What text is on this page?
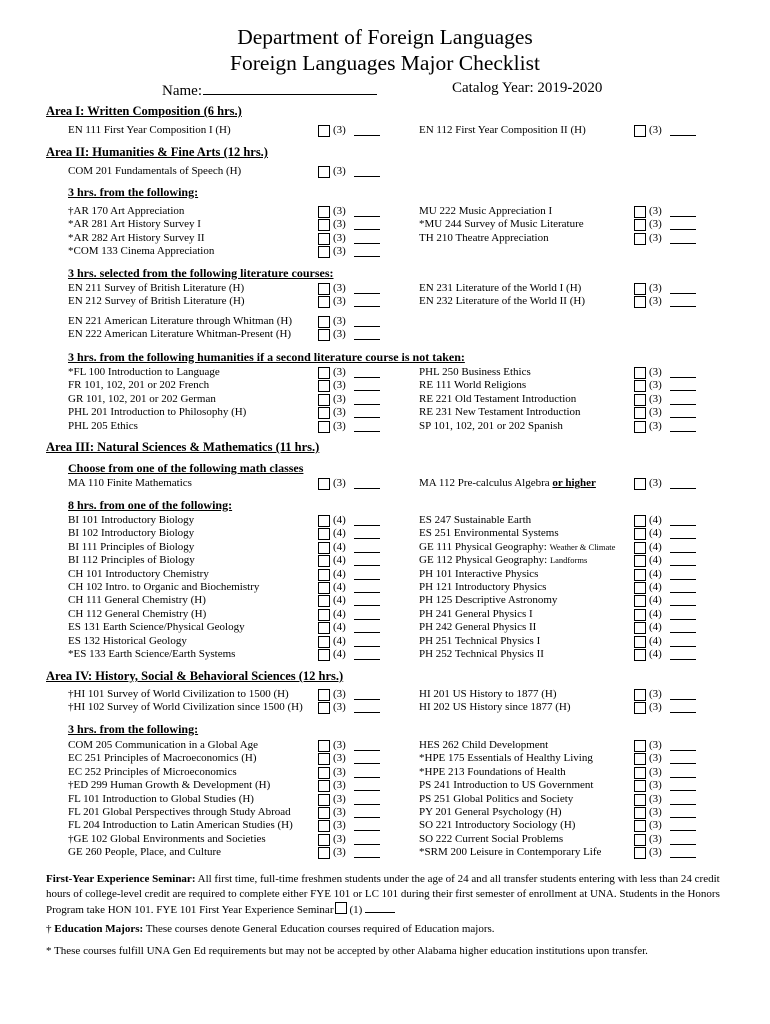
Department of Foreign Languages
Foreign Languages Major Checklist
Name:	Catalog Year: 2019-2020
Area I: Written Composition (6 hrs.)
EN 111 First Year Composition I (H)	(3)	EN 112 First Year Composition II (H)	(3)
Area II: Humanities & Fine Arts (12 hrs.)
COM 201 Fundamentals of Speech (H)	(3)
3 hrs. from the following:
†AR 170 Art Appreciation	(3)
*AR 281 Art History Survey I	(3)
*AR 282 Art History Survey II	(3)
*COM 133 Cinema Appreciation	(3)
MU 222 Music Appreciation I	(3)
*MU 244 Survey of Music Literature	(3)
TH 210 Theatre Appreciation	(3)
3 hrs. selected from the following literature courses:
EN 211 Survey of British Literature (H)	(3)
EN 212 Survey of British Literature (H)	(3)
EN 231 Literature of the World I (H)	(3)
EN 232 Literature of the World II (H)	(3)
EN 221 American Literature through Whitman (H)	(3)
EN 222 American Literature Whitman-Present (H)	(3)
3 hrs. from the following humanities if a second literature course is not taken:
*FL 100 Introduction to Language	(3)
FR 101, 102, 201 or 202 French	(3)
GR 101, 102, 201 or 202 German	(3)
PHL 201 Introduction to Philosophy (H)	(3)
PHL 205 Ethics	(3)
PHL 250 Business Ethics	(3)
RE 111 World Religions	(3)
RE 221 Old Testament Introduction	(3)
RE 231 New Testament Introduction	(3)
SP 101, 102, 201 or 202 Spanish	(3)
Area III: Natural Sciences & Mathematics (11 hrs.)
Choose from one of the following math classes
MA 110 Finite Mathematics	(3)	MA 112 Pre-calculus Algebra or higher	(3)
8 hrs. from one of the following:
BI 101 Introductory Biology	(4)
BI 102 Introductory Biology	(4)
BI 111 Principles of Biology	(4)
BI 112 Principles of Biology	(4)
CH 101 Introductory Chemistry	(4)
CH 102 Intro. to Organic and Biochemistry	(4)
CH 111 General Chemistry (H)	(4)
CH 112 General Chemistry (H)	(4)
ES 131 Earth Science/Physical Geology	(4)
ES 132 Historical Geology	(4)
*ES 133 Earth Science/Earth Systems	(4)
ES 247 Sustainable Earth	(4)
ES 251 Environmental Systems	(4)
GE 111 Physical Geography: Weather & Climate	(4)
GE 112 Physical Geography: Landforms	(4)
PH 101 Interactive Physics	(4)
PH 121 Introductory Physics	(4)
PH 125 Descriptive Astronomy	(4)
PH 241 General Physics I	(4)
PH 242 General Physics II	(4)
PH 251 Technical Physics I	(4)
PH 252 Technical Physics II	(4)
Area IV: History, Social & Behavioral Sciences (12 hrs.)
†HI 101 Survey of World Civilization to 1500 (H)	(3)
†HI 102 Survey of World Civilization since 1500 (H)	(3)
HI 201 US History to 1877 (H)	(3)
HI 202 US History since 1877 (H)	(3)
3 hrs. from the following:
COM 205 Communication in a Global Age	(3)
EC 251 Principles of Macroeconomics (H)	(3)
EC 252 Principles of Microeconomics	(3)
†ED 299 Human Growth & Development (H)	(3)
FL 101 Introduction to Global Studies (H)	(3)
FL 201 Global Perspectives through Study Abroad	(3)
FL 204 Introduction to Latin American Studies (H)	(3)
†GE 102 Global Environments and Societies	(3)
GE 260 People, Place, and Culture	(3)
HES 262 Child Development	(3)
*HPE 175 Essentials of Healthy Living	(3)
*HPE 213 Foundations of Health	(3)
PS 241 Introduction to US Government	(3)
PS 251 Global Politics and Society	(3)
PY 201 General Psychology (H)	(3)
SO 221 Introductory Sociology (H)	(3)
SO 222 Current Social Problems	(3)
*SRM 200 Leisure in Contemporary Life	(3)
First-Year Experience Seminar: All first time, full-time freshmen students under the age of 24 and all transfer students entering with less than 24 credit hours of college-level credit are required to complete either FYE 101 or LC 101 during their first semester of enrollment at UNA. Students in the Honors Program take HON 101. FYE 101 First Year Experience Seminar (1)
† Education Majors: These courses denote General Education courses required of Education majors.
* These courses fulfill UNA Gen Ed requirements but may not be accepted by other Alabama higher education institutions upon transfer.
